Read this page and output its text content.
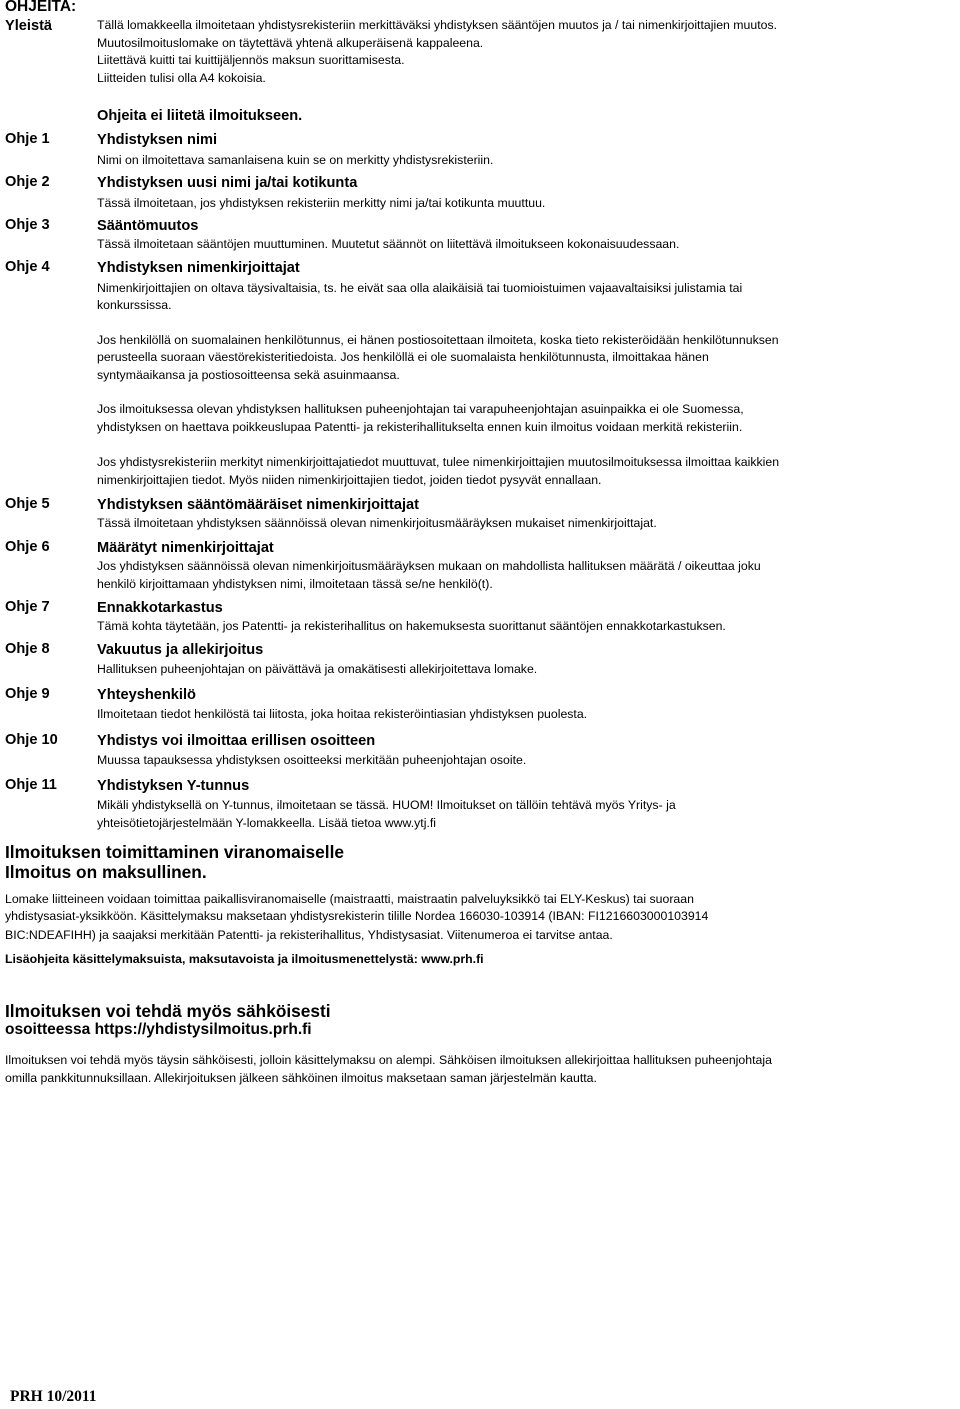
OHJEITA:
Yleistä	Tällä lomakkeella ilmoitetaan yhdistysrekisteriin merkittäväksi yhdistyksen sääntöjen muutos ja / tai nimenkirjoittajien muutos.
Muutosilmoituslomake on täytettävä yhtenä alkuperäisenä kappaleena.
Liitettävä kuitti tai kuittijäljennös maksun suorittamisesta.
Liitteiden tulisi olla A4 kokoisia.
Ohjeita ei liitetä ilmoitukseen.
Ohje 1	Yhdistyksen nimi
Nimi on ilmoitettava samanlaisena kuin se on merkitty yhdistysrekisteriin.
Ohje 2	Yhdistyksen uusi nimi ja/tai kotikunta
Tässä ilmoitetaan, jos yhdistyksen rekisteriin merkitty nimi ja/tai kotikunta muuttuu.
Ohje 3	Sääntömuutos
Tässä ilmoitetaan sääntöjen muuttuminen. Muutetut säännöt on liitettävä ilmoitukseen kokonaisuudessaan.
Ohje 4	Yhdistyksen nimenkirjoittajat
Nimenkirjoittajien on oltava täysivaltaisia, ts. he eivät saa olla alaikäisiä tai tuomioistuimen vajaavaltaisiksi julistamia tai
konkurssissa.
Jos henkilöllä on suomalainen henkilötunnus, ei hänen postiosoitettaan ilmoiteta, koska tieto rekisteröidään henkilötunnuksen
perusteella suoraan väestörekisteritiedoista. Jos henkilöllä ei ole suomalaista henkilötunnusta, ilmoittakaa hänen
syntymäaikansa ja postiosoitteensa sekä asuinmaansa.
Jos ilmoituksessa olevan yhdistyksen hallituksen puheenjohtajan tai varapuheenjohtajan asuinpaikka ei ole Suomessa,
yhdistyksen on haettava poikkeuslupaa Patentti- ja rekisterihallitukselta ennen kuin ilmoitus voidaan merkitä rekisteriin.
Jos yhdistysrekisteriin merkityt nimenkirjoittajatiedot muuttuvat, tulee nimenkirjoittajien muutosilmoituksessa ilmoittaa kaikkien
nimenkirjoittajien tiedot. Myös niiden nimenkirjoittajien tiedot, joiden tiedot pysyvät ennallaan.
Ohje 5	Yhdistyksen sääntömääräiset nimenkirjoittajat
Tässä ilmoitetaan yhdistyksen säännöissä olevan nimenkirjoitusmääräyksen mukaiset nimenkirjoittajat.
Ohje 6	Määrätyt nimenkirjoittajat
Jos yhdistyksen säännöissä olevan nimenkirjoitusmääräyksen mukaan on mahdollista hallituksen määrätä / oikeuttaa joku
henkilö kirjoittamaan yhdistyksen nimi, ilmoitetaan tässä se/ne henkilö(t).
Ohje 7	Ennakkotarkastus
Tämä kohta täytetään, jos Patentti- ja rekisterihallitus on hakemuksesta suorittanut sääntöjen ennakkotarkastuksen.
Ohje 8	Vakuutus ja allekirjoitus
Hallituksen puheenjohtajan on päivättävä ja omakätisesti allekirjoitettava lomake.
Ohje 9	Yhteyshenkilö
Ilmoitetaan tiedot henkilöstä tai liitosta, joka hoitaa rekisteröintiasian yhdistyksen puolesta.
Ohje 10	Yhdistys voi ilmoittaa erillisen osoitteen
Muussa tapauksessa yhdistyksen osoitteeksi merkitään puheenjohtajan osoite.
Ohje 11	Yhdistyksen Y-tunnus
Mikäli yhdistyksellä on Y-tunnus, ilmoitetaan se tässä. HUOM! Ilmoitukset on tällöin tehtävä myös Yritys- ja
yhteisötietojärjestelmään Y-lomakkeella. Lisää tietoa www.ytj.fi
Ilmoituksen toimittaminen viranomaiselle
Ilmoitus on maksullinen.
Lomake liitteineen voidaan toimittaa paikallisviranomaiselle (maistraatti, maistraatin palveluyksikkö tai ELY-Keskus) tai suoraan
yhdistysasiat-yksikköön. Käsittelymaksu maksetaan yhdistysrekisterin tilille Nordea 166030-103914 (IBAN: FI1216603000103914
BIC:NDEAFIHH) ja saajaksi merkitään Patentti- ja rekisterihallitus, Yhdistysasiat. Viitenumeroa ei tarvitse antaa.
Lisäohjeita käsittelymaksuista, maksutavoista ja ilmoitusmenettelystä: www.prh.fi
Ilmoituksen voi tehdä myös sähköisesti
osoitteessa https://yhdistysilmoitus.prh.fi
Ilmoituksen voi tehdä myös täysin sähköisesti, jolloin käsittelymaksu on alempi. Sähköisen ilmoituksen allekirjoittaa hallituksen puheenjohtaja
omilla pankkitunnuksillaan. Allekirjoituksen jälkeen sähköinen ilmoitus maksetaan saman järjestelmän kautta.
PRH 10/2011
